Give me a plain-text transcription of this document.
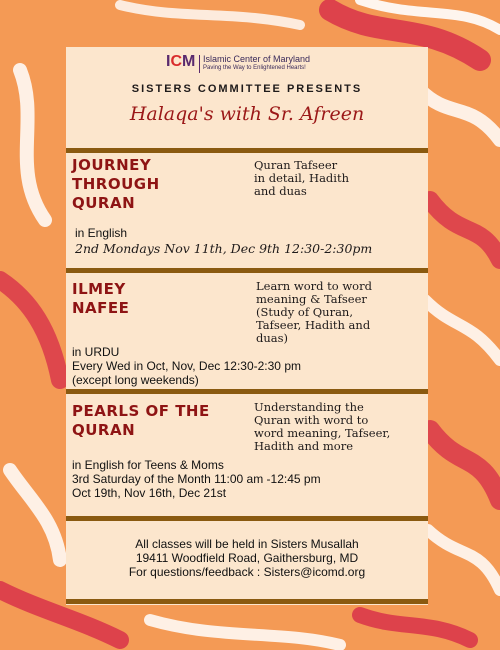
ICM Islamic Center of Maryland
Paving the Way to Enlightened Hearts!
SISTERS COMMITTEE PRESENTS
Halaqa's with Sr. Afreen
JOURNEY
THROUGH
QURAN
Quran Tafseer
in detail, Hadith
and duas
in English
2nd Mondays Nov 11th, Dec 9th 12:30-2:30pm
ILMEY
NAFEE
Learn word to word
meaning & Tafseer
(Study of Quran,
Tafseer, Hadith and
duas)
in URDU
Every Wed in Oct, Nov, Dec 12:30-2:30 pm
(except long weekends)
PEARLS OF THE
QURAN
Understanding the
Quran with word to
word meaning, Tafseer,
Hadith and more
in English for Teens & Moms
3rd Saturday of the Month 11:00 am -12:45 pm
Oct 19th, Nov 16th, Dec 21st
All classes will be held in Sisters Musallah
19411 Woodfield Road, Gaithersburg, MD
For questions/feedback : Sisters@icomd.org
